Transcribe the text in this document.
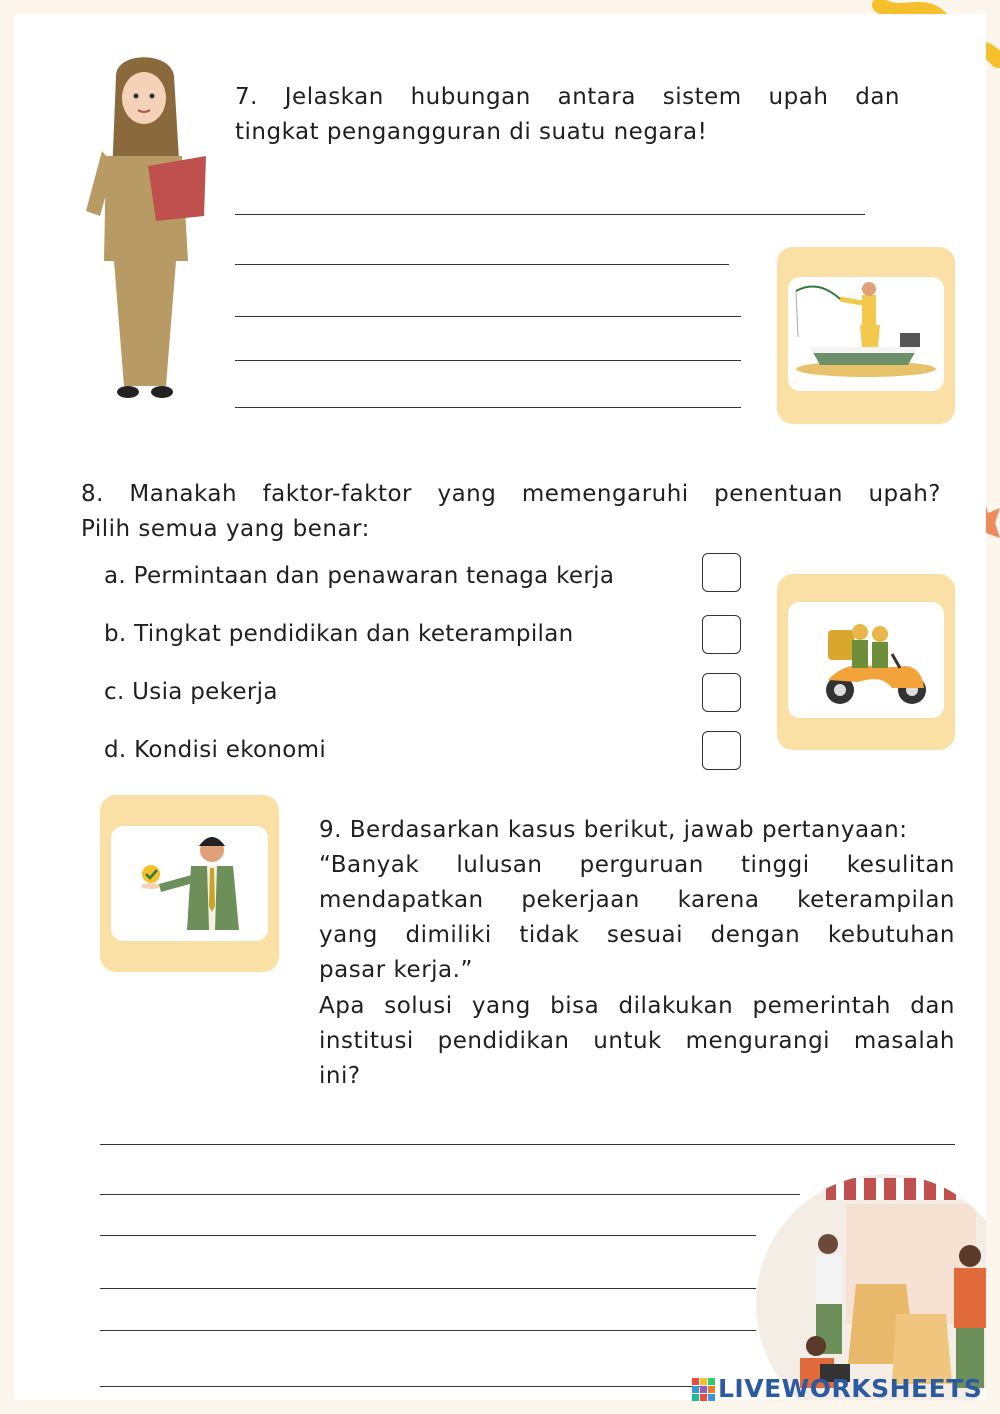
7. Jelaskan hubungan antara sistem upah dan
tingkat pengangguran di suatu negara!
8. Manakah faktor-faktor yang memengaruhi penentuan upah?
Pilih semua yang benar:
a. Permintaan dan penawaran tenaga kerja
b. Tingkat pendidikan dan keterampilan
c. Usia pekerja
d. Kondisi ekonomi
9. Berdasarkan kasus berikut, jawab pertanyaan:
“Banyak lulusan perguruan tinggi kesulitan
mendapatkan pekerjaan karena keterampilan
yang dimiliki tidak sesuai dengan kebutuhan
pasar kerja.”
Apa solusi yang bisa dilakukan pemerintah dan
institusi pendidikan untuk mengurangi masalah
ini?
LIVEWORKSHEETS
